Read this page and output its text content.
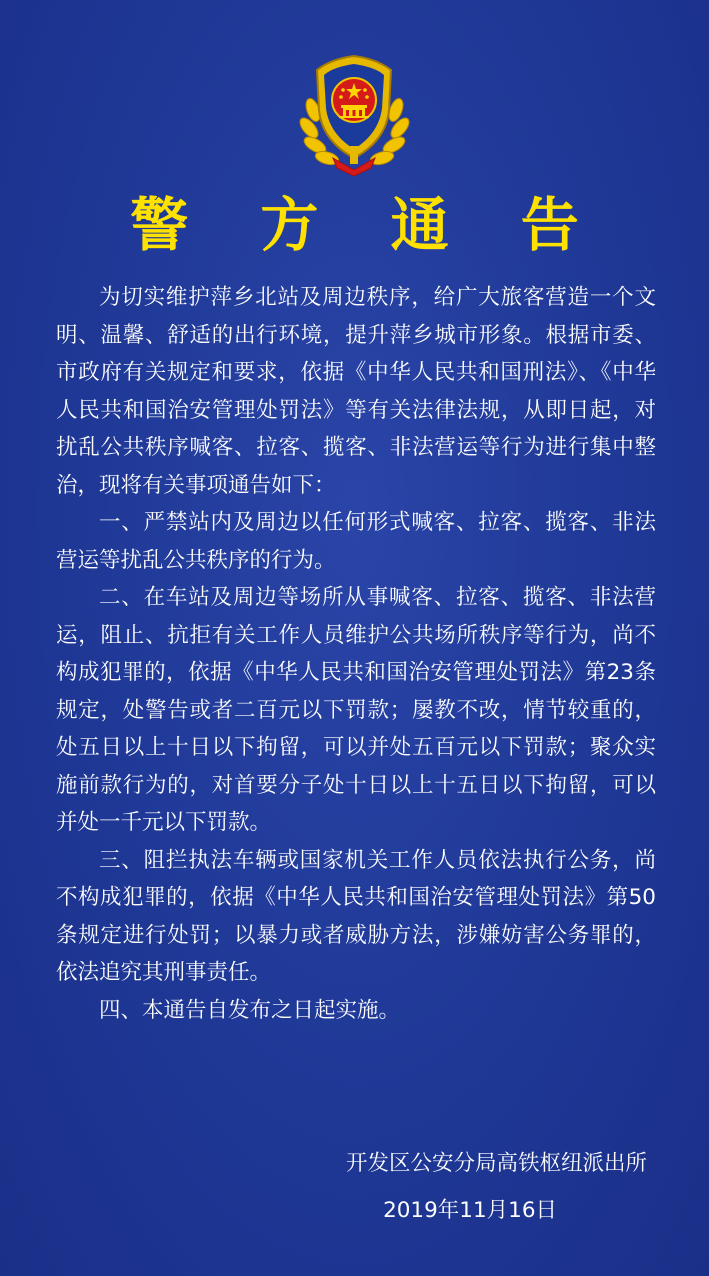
警 方 通 告

为切实维护萍乡北站及周边秩序，给广大旅客营造一个文明、温馨、舒适的出行环境，提升萍乡城市形象。根据市委、市政府有关规定和要求，依据《中华人民共和国刑法》、《中华人民共和国治安管理处罚法》等有关法律法规，从即日起，对扰乱公共秩序喊客、拉客、揽客、非法营运等行为进行集中整治，现将有关事项通告如下：

一、严禁站内及周边以任何形式喊客、拉客、揽客、非法营运等扰乱公共秩序的行为。

二、在车站及周边等场所从事喊客、拉客、揽客、非法营运，阻止、抗拒有关工作人员维护公共场所秩序等行为，尚不构成犯罪的，依据《中华人民共和国治安管理处罚法》第23条规定，处警告或者二百元以下罚款；屡教不改，情节较重的，处五日以上十日以下拘留，可以并处五百元以下罚款；聚众实施前款行为的，对首要分子处十日以上十五日以下拘留，可以并处一千元以下罚款。

三、阻拦执法车辆或国家机关工作人员依法执行公务，尚不构成犯罪的，依据《中华人民共和国治安管理处罚法》第50条规定进行处罚；以暴力或者威胁方法，涉嫌妨害公务罪的，依法追究其刑事责任。

四、本通告自发布之日起实施。

开发区公安分局高铁枢纽派出所
2019年11月16日
